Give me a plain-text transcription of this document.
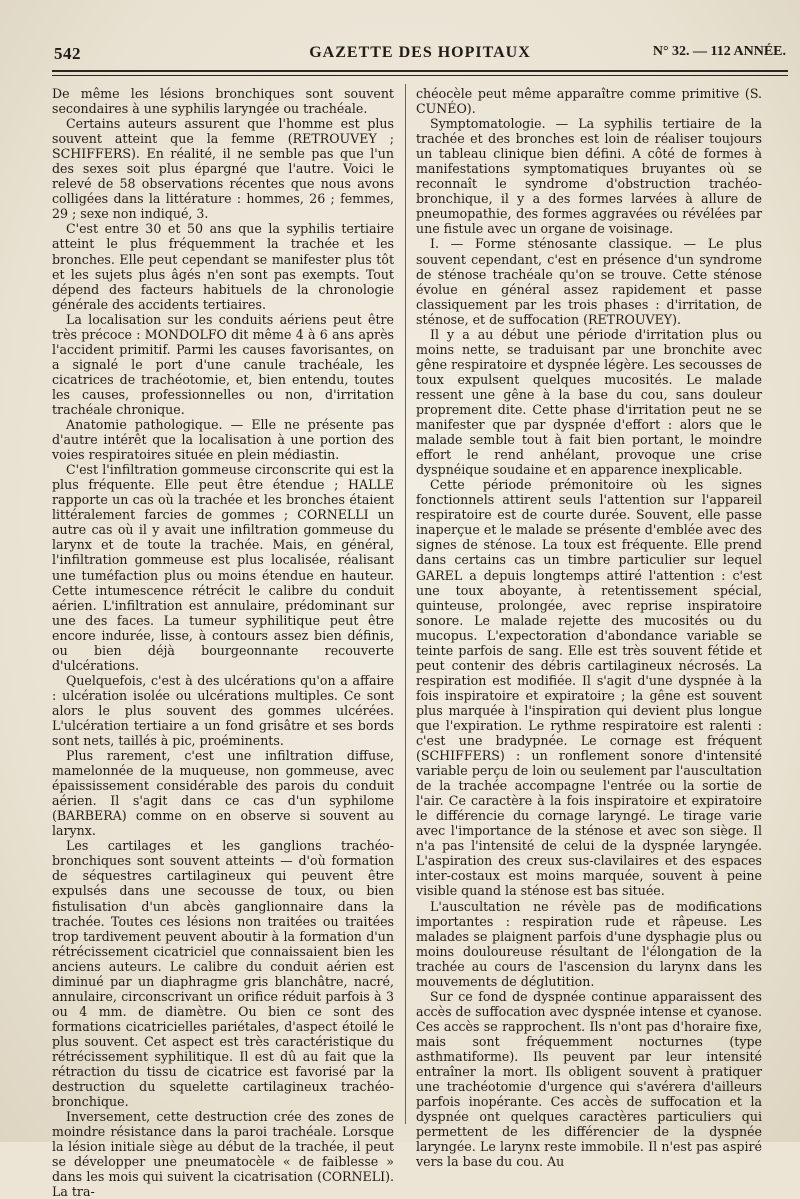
542	GAZETTE DES HOPITAUX	N° 32. — 112 ANNÉE.

De même les lésions bronchiques sont souvent secondaires à une syphilis laryngée ou trachéale.

Certains auteurs assurent que l'homme est plus souvent atteint que la femme (RETROUVEY ; SCHIFFERS). En réalité, il ne semble pas que l'un des sexes soit plus épargné que l'autre. Voici le relevé de 58 observations récentes que nous avons colligées dans la littérature : hommes, 26 ; femmes, 29 ; sexe non indiqué, 3.

C'est entre 30 et 50 ans que la syphilis tertiaire atteint le plus fréquemment la trachée et les bronches. Elle peut cependant se manifester plus tôt et les sujets plus âgés n'en sont pas exempts. Tout dépend des facteurs habituels de la chronologie générale des accidents tertiaires.

La localisation sur les conduits aériens peut être très précoce : MONDOLFO dit même 4 à 6 ans après l'accident primitif. Parmi les causes favorisantes, on a signalé le port d'une canule trachéale, les cicatrices de trachéotomie, et, bien entendu, toutes les causes, professionnelles ou non, d'irritation trachéale chronique.

Anatomie pathologique. — Elle ne présente pas d'autre intérêt que la localisation à une portion des voies respiratoires située en plein médiastin.

C'est l'infiltration gommeuse circonscrite qui est la plus fréquente. Elle peut être étendue ; HALLE rapporte un cas où la trachée et les bronches étaient littéralement farcies de gommes ; CORNELLI un autre cas où il y avait une infiltration gommeuse du larynx et de toute la trachée. Mais, en général, l'infiltration gommeuse est plus localisée, réalisant une tuméfaction plus ou moins étendue en hauteur. Cette intumescence rétrécit le calibre du conduit aérien. L'infiltration est annulaire, prédominant sur une des faces. La tumeur syphilitique peut être encore indurée, lisse, à contours assez bien définis, ou bien déjà bourgeonnante recouverte d'ulcérations.

Quelquefois, c'est à des ulcérations qu'on a affaire : ulcération isolée ou ulcérations multiples. Ce sont alors le plus souvent des gommes ulcérées. L'ulcération tertiaire a un fond grisâtre et ses bords sont nets, taillés à pic, proéminents.

Plus rarement, c'est une infiltration diffuse, mamelonnée de la muqueuse, non gommeuse, avec épaississement considérable des parois du conduit aérien. Il s'agit dans ce cas d'un syphilome (BARBERA) comme on en observe si souvent au larynx.

Les cartilages et les ganglions trachéo-bronchiques sont souvent atteints — d'où formation de séquestres cartilagineux qui peuvent être expulsés dans une secousse de toux, ou bien fistulisation d'un abcès ganglionnaire dans la trachée. Toutes ces lésions non traitées ou traitées trop tardivement peuvent aboutir à la formation d'un rétrécissement cicatriciel que connaissaient bien les anciens auteurs. Le calibre du conduit aérien est diminué par un diaphragme gris blanchâtre, nacré, annulaire, circonscrivant un orifice réduit parfois à 3 ou 4 mm. de diamètre. Ou bien ce sont des formations cicatricielles pariétales, d'aspect étoilé le plus souvent. Cet aspect est très caractéristique du rétrécissement syphilitique. Il est dû au fait que la rétraction du tissu de cicatrice est favorisé par la destruction du squelette cartilagineux trachéo-bronchique.

Inversement, cette destruction crée des zones de moindre résistance dans la paroi trachéale. Lorsque la lésion initiale siège au début de la trachée, il peut se développer une pneumatocèle « de faiblesse » dans les mois qui suivent la cicatrisation (CORNELI). La tra-

chéocèle peut même apparaître comme primitive (S. CUNÉO).

Symptomatologie. — La syphilis tertiaire de la trachée et des bronches est loin de réaliser toujours un tableau clinique bien défini. A côté de formes à manifestations symptomatiques bruyantes où se reconnaît le syndrome d'obstruction trachéo-bronchique, il y a des formes larvées à allure de pneumopathie, des formes aggravées ou révélées par une fistule avec un organe de voisinage.

I. — Forme sténosante classique. — Le plus souvent cependant, c'est en présence d'un syndrome de sténose trachéale qu'on se trouve. Cette sténose évolue en général assez rapidement et passe classiquement par les trois phases : d'irritation, de sténose, et de suffocation (RETROUVEY).

Il y a au début une période d'irritation plus ou moins nette, se traduisant par une bronchite avec gêne respiratoire et dyspnée légère. Les secousses de toux expulsent quelques mucosités. Le malade ressent une gêne à la base du cou, sans douleur proprement dite. Cette phase d'irritation peut ne se manifester que par dyspnée d'effort : alors que le malade semble tout à fait bien portant, le moindre effort le rend anhélant, provoque une crise dyspnéique soudaine et en apparence inexplicable.

Cette période prémonitoire où les signes fonctionnels attirent seuls l'attention sur l'appareil respiratoire est de courte durée. Souvent, elle passe inaperçue et le malade se présente d'emblée avec des signes de sténose. La toux est fréquente. Elle prend dans certains cas un timbre particulier sur lequel GAREL a depuis longtemps attiré l'attention : c'est une toux aboyante, à retentissement spécial, quinteuse, prolongée, avec reprise inspiratoire sonore. Le malade rejette des mucosités ou du mucopus. L'expectoration d'abondance variable se teinte parfois de sang. Elle est très souvent fétide et peut contenir des débris cartilagineux nécrosés. La respiration est modifiée. Il s'agit d'une dyspnée à la fois inspiratoire et expiratoire ; la gêne est souvent plus marquée à l'inspiration qui devient plus longue que l'expiration. Le rythme respiratoire est ralenti : c'est une bradypnée. Le cornage est fréquent (SCHIFFERS) : un ronflement sonore d'intensité variable perçu de loin ou seulement par l'auscultation de la trachée accompagne l'entrée ou la sortie de l'air. Ce caractère à la fois inspiratoire et expiratoire le différencie du cornage laryngé. Le tirage varie avec l'importance de la sténose et avec son siège. Il n'a pas l'intensité de celui de la dyspnée laryngée. L'aspiration des creux sus-clavilaires et des espaces inter-costaux est moins marquée, souvent à peine visible quand la sténose est bas située.

L'auscultation ne révèle pas de modifications importantes : respiration rude et râpeuse. Les malades se plaignent parfois d'une dysphagie plus ou moins douloureuse résultant de l'élongation de la trachée au cours de l'ascension du larynx dans les mouvements de déglutition.

Sur ce fond de dyspnée continue apparaissent des accès de suffocation avec dyspnée intense et cyanose. Ces accès se rapprochent. Ils n'ont pas d'horaire fixe, mais sont fréquemment nocturnes (type asthmatiforme). Ils peuvent par leur intensité entraîner la mort. Ils obligent souvent à pratiquer une trachéotomie d'urgence qui s'avérera d'ailleurs parfois inopérante. Ces accès de suffocation et la dyspnée ont quelques caractères particuliers qui permettent de les différencier de la dyspnée laryngée. Le larynx reste immobile. Il n'est pas aspiré vers la base du cou. Au
